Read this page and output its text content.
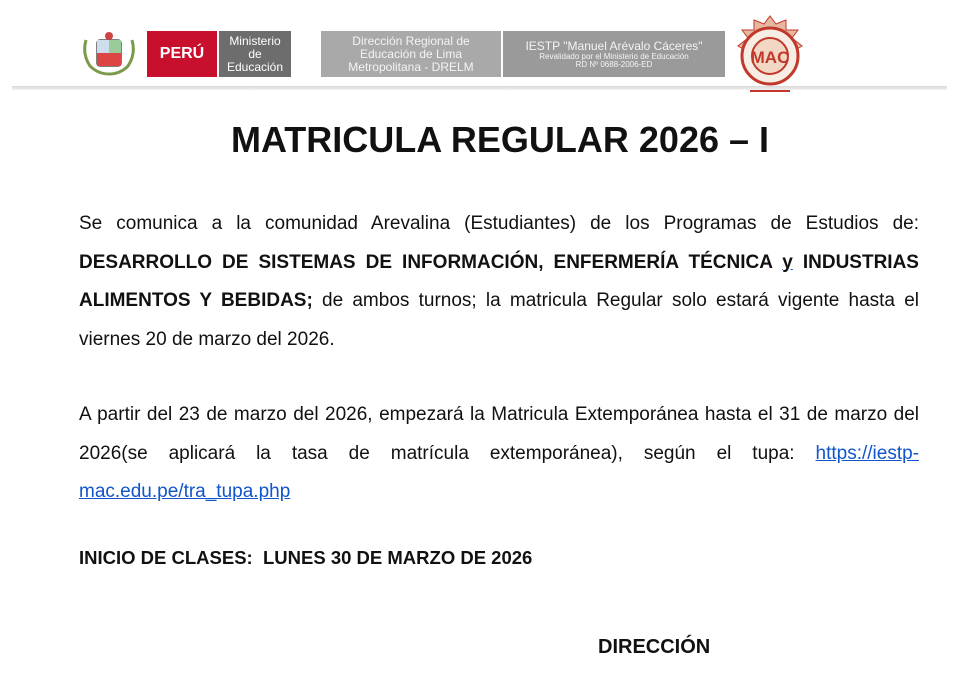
PERÚ
Ministerio
de
Educación
Dirección Regional de
Educación de Lima
Metropolitana - DRELM
IESTP "Manuel Arévalo Cáceres"
Revalidado por el Ministerio de Educación
RD Nº 0688-2006-ED	MAC
MATRICULA REGULAR 2026 – I
Se comunica a la comunidad Arevalina (Estudiantes) de los Programas de Estudios de: DESARROLLO DE SISTEMAS DE INFORMACIÓN, ENFERMERÍA TÉCNICA y INDUSTRIAS ALIMENTOS Y BEBIDAS; de ambos turnos; la matricula Regular solo estará vigente hasta el viernes 20 de marzo del 2026.
A partir del 23 de marzo del 2026, empezará la Matricula Extemporánea hasta el 31 de marzo del 2026(se aplicará la tasa de matrícula extemporánea), según el tupa: https://iestp-mac.edu.pe/tra_tupa.php
INICIO DE CLASES:  LUNES 30 DE MARZO DE 2026
DIRECCIÓN
